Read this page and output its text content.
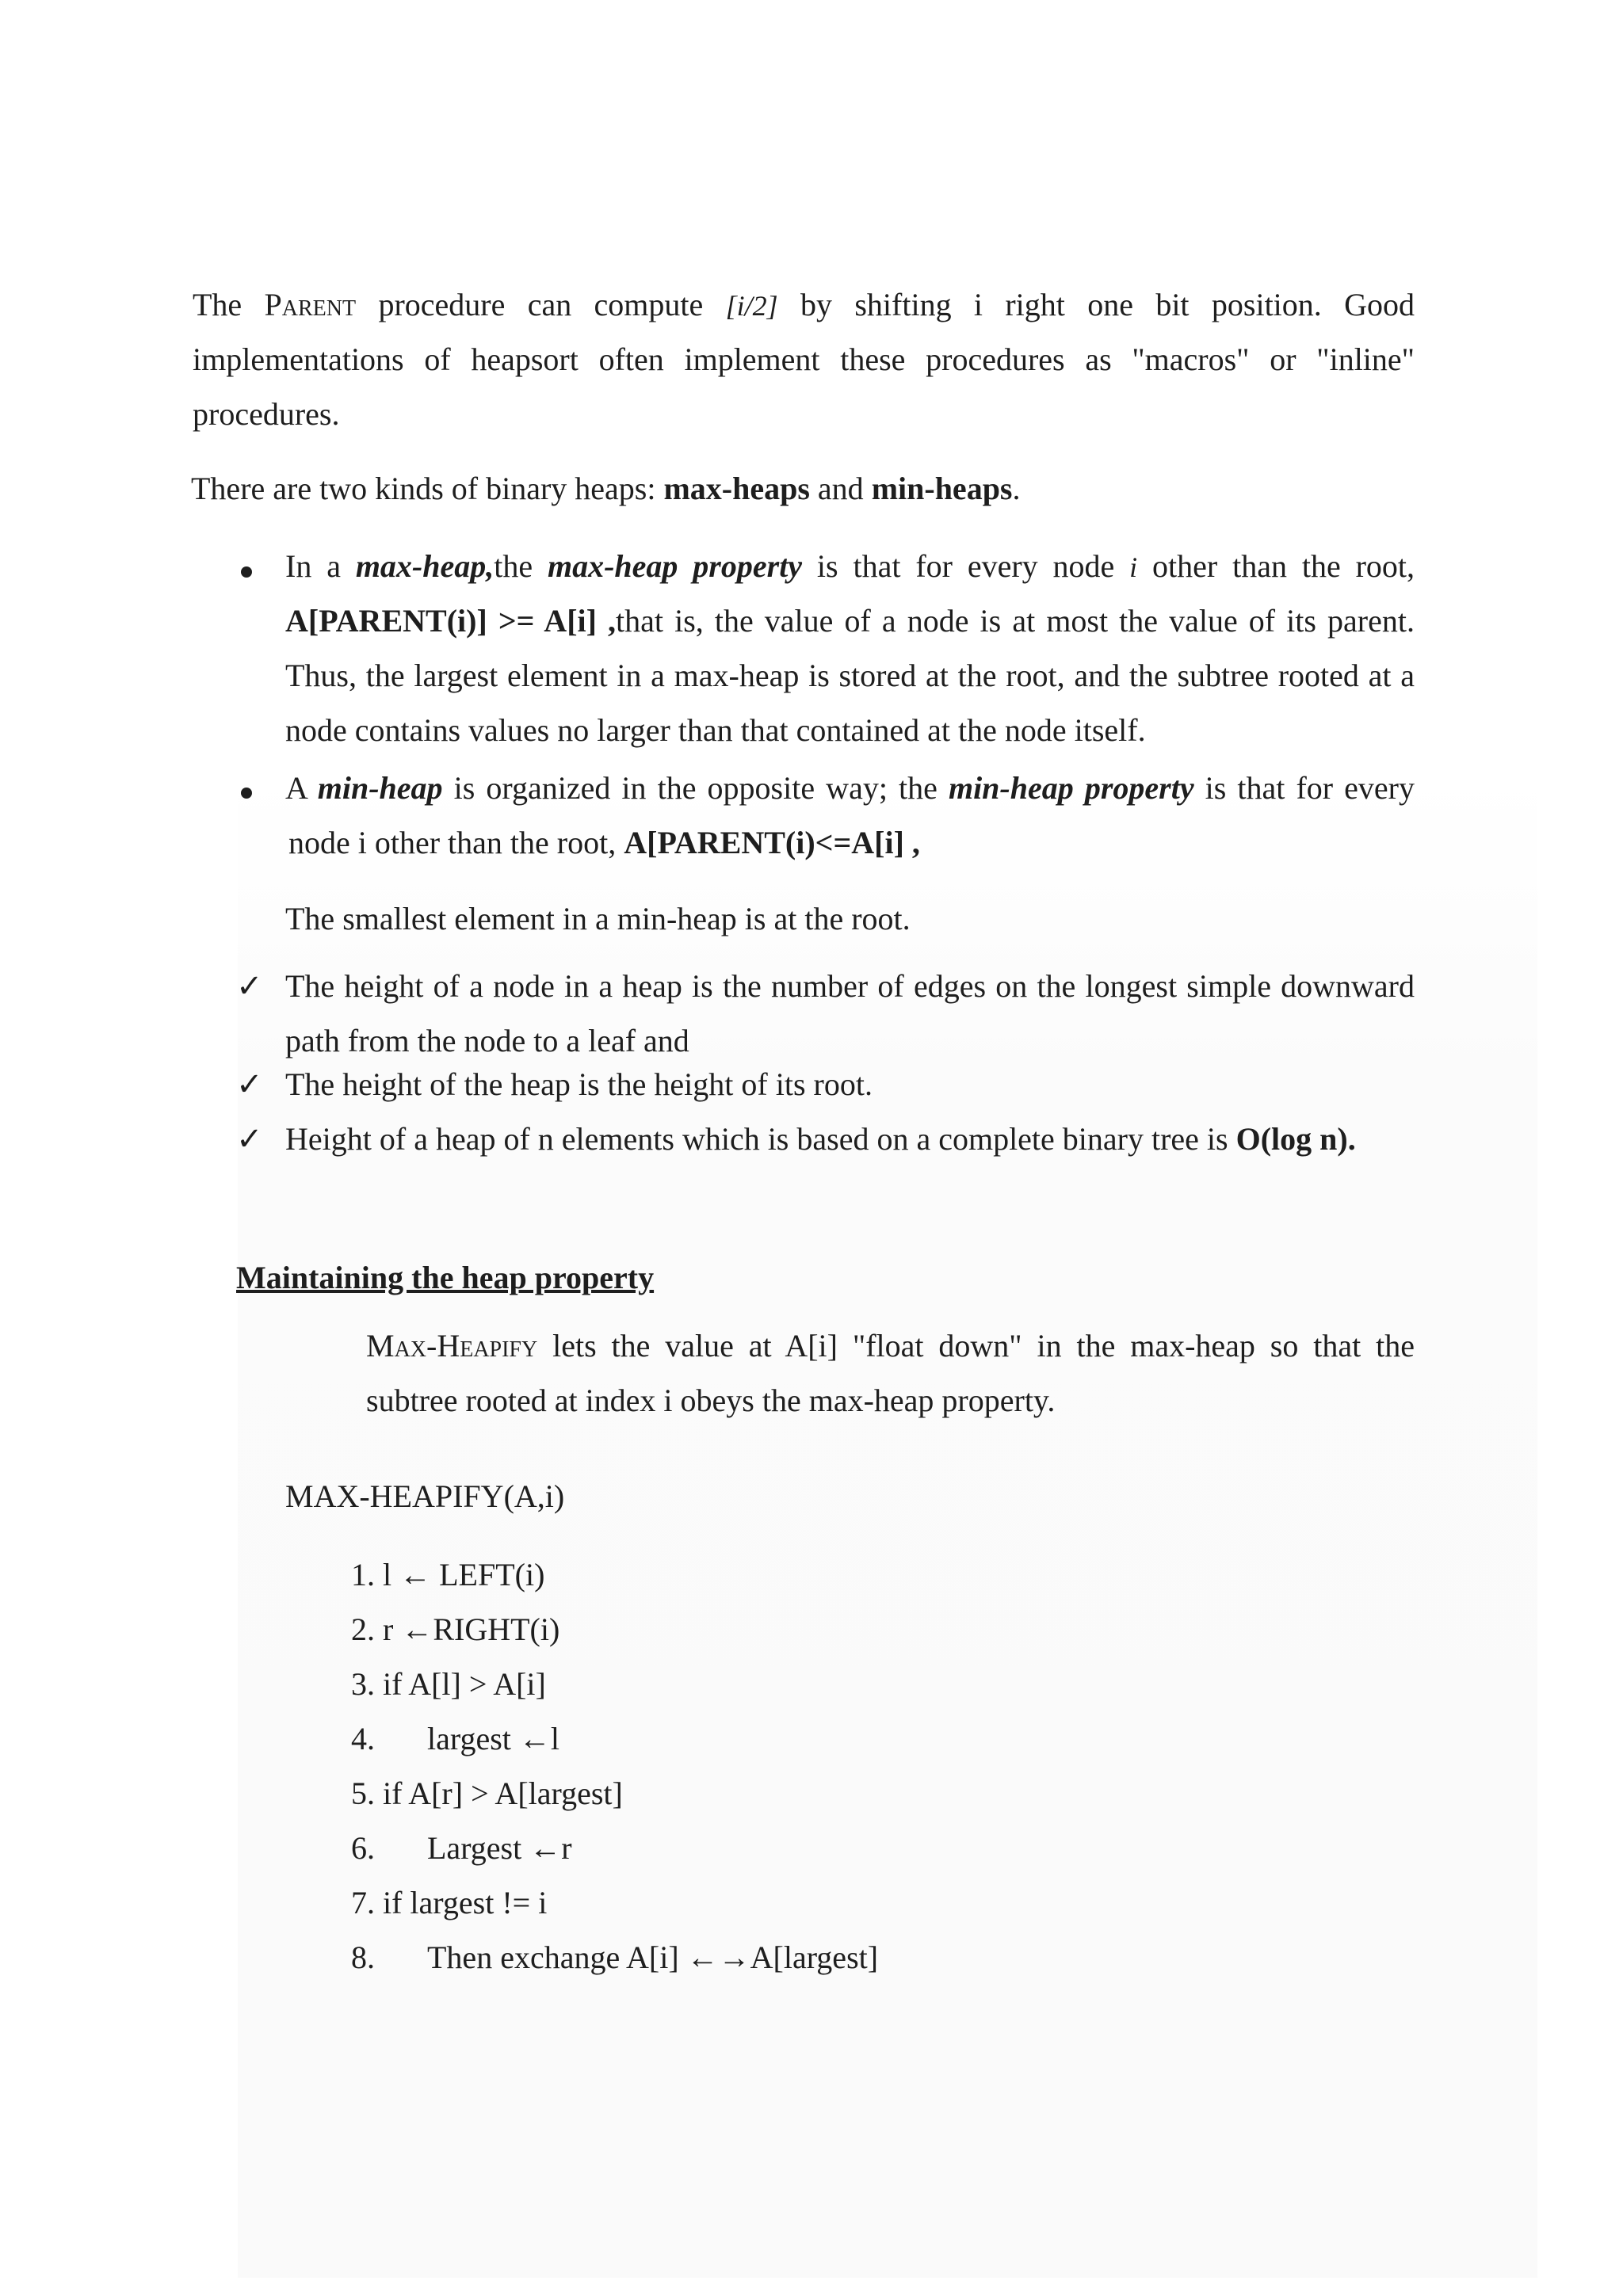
The Parent procedure can compute [i/2] by shifting i right one bit position. Good
implementations of heapsort often implement these procedures as "macros" or "inline"
procedures.
There are two kinds of binary heaps: max-heaps and min-heaps.
In a max-heap,the max-heap property is that for every node i other than the root,
A[PARENT(i)] >= A[i] ,that is, the value of a node is at most the value of its parent.
Thus, the largest element in a max-heap is stored at the root, and the subtree rooted at a
node contains values no larger than that contained at the node itself.
A min-heap is organized in the opposite way; the min-heap property is that for every
node i other than the root, A[PARENT(i)<=A[i] ,
The smallest element in a min-heap is at the root.
✓ The height of a node in a heap is the number of edges on the longest simple downward
path from the node to a leaf and
✓ The height of the heap is the height of its root.
✓ Height of a heap of n elements which is based on a complete binary tree is O(log n).
Maintaining the heap property
Max-Heapify lets the value at A[i] "float down" in the max-heap so that the
subtree rooted at index i obeys the max-heap property.
MAX-HEAPIFY(A,i)
1. l ← LEFT(i)
2. r ←RIGHT(i)
3. if A[l] > A[i]
4. largest ←l
5. if A[r] > A[largest]
6. Largest ←r
7. if largest != i
8. Then exchange A[i] ←→A[largest]
